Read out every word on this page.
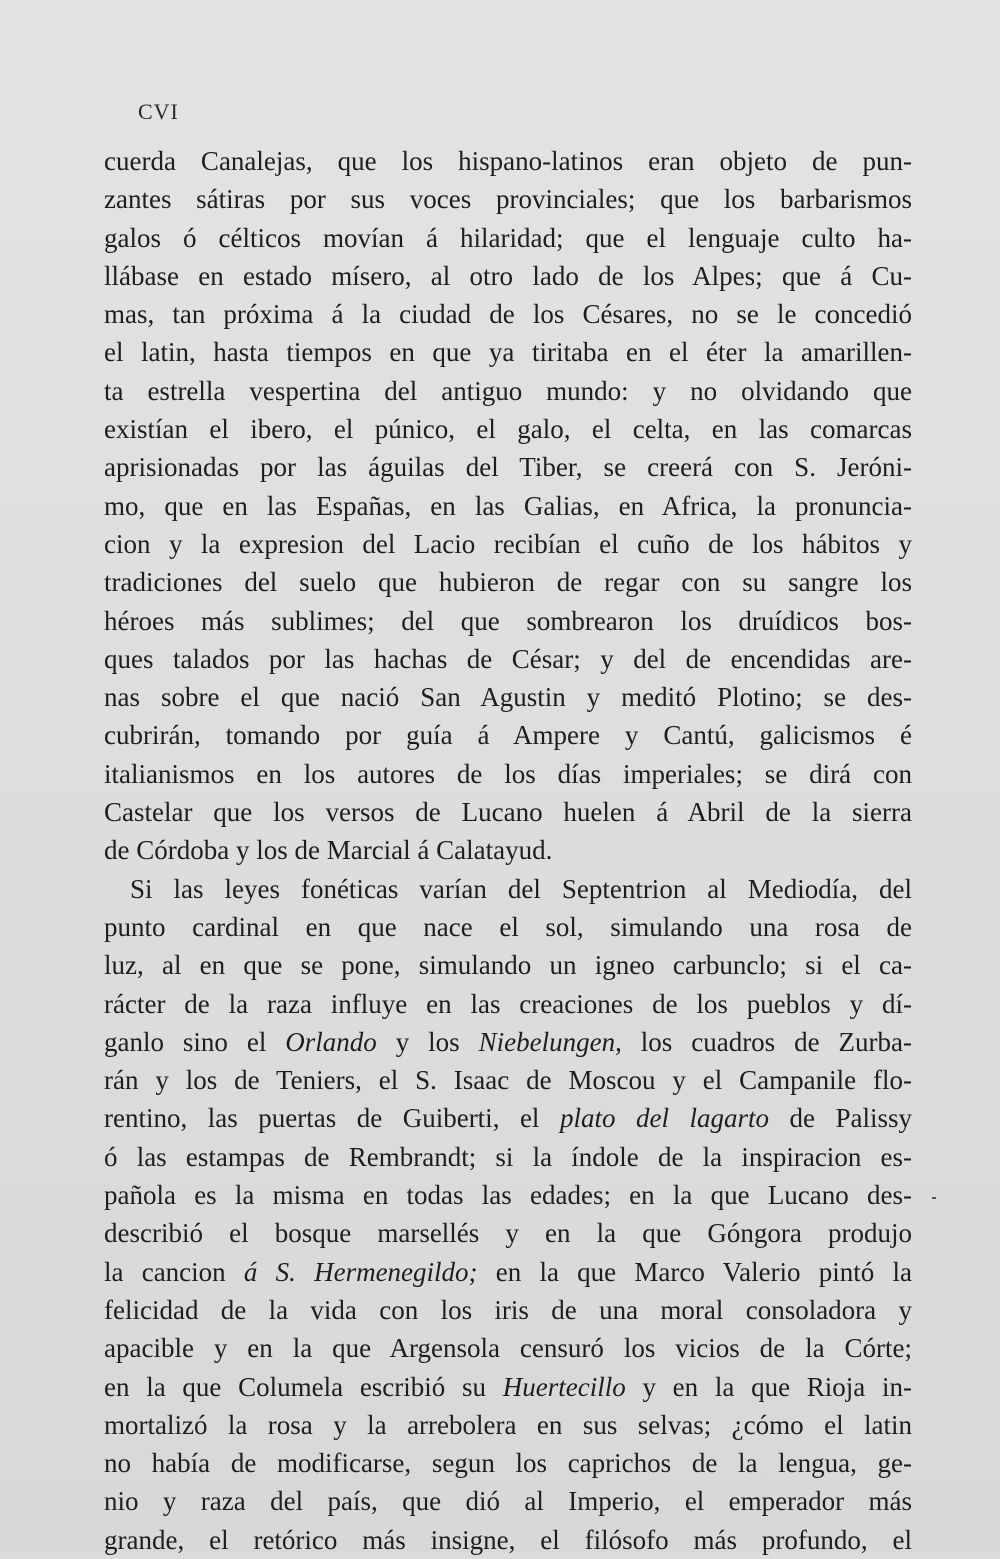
CVI
cuerda Canalejas, que los hispano-latinos eran objeto de pun-
zantes sátiras por sus voces provinciales; que los barbarismos
galos ó célticos movían á hilaridad; que el lenguaje culto ha-
llábase en estado mísero, al otro lado de los Alpes; que á Cu-
mas, tan próxima á la ciudad de los Césares, no se le concedió
el latin, hasta tiempos en que ya tiritaba en el éter la amarillen-
ta estrella vespertina del antiguo mundo: y no olvidando que
existían el ibero, el púnico, el galo, el celta, en las comarcas
aprisionadas por las águilas del Tiber, se creerá con S. Jeróni-
mo, que en las Españas, en las Galias, en Africa, la pronuncia-
cion y la expresion del Lacio recibían el cuño de los hábitos y
tradiciones del suelo que hubieron de regar con su sangre los
héroes más sublimes; del que sombrearon los druídicos bos-
ques talados por las hachas de César; y del de encendidas are-
nas sobre el que nació San Agustin y meditó Plotino; se des-
cubrirán, tomando por guía á Ampere y Cantú, galicismos é
italianismos en los autores de los días imperiales; se dirá con
Castelar que los versos de Lucano huelen á Abril de la sierra
de Córdoba y los de Marcial á Calatayud.
Si las leyes fonéticas varían del Septentrion al Mediodía, del
punto cardinal en que nace el sol, simulando una rosa de
luz, al en que se pone, simulando un igneo carbunclo; si el ca-
rácter de la raza influye en las creaciones de los pueblos y dí-
ganlo sino el Orlando y los Niebelungen, los cuadros de Zurba-
rán y los de Teniers, el S. Isaac de Moscou y el Campanile flo-
rentino, las puertas de Guiberti, el plato del lagarto de Palissy
ó las estampas de Rembrandt; si la índole de la inspiracion es-
pañola es la misma en todas las edades; en la que Lucano des-
describió el bosque marsellés y en la que Góngora produjo
la cancion á S. Hermenegildo; en la que Marco Valerio pintó la
felicidad de la vida con los iris de una moral consoladora y
apacible y en la que Argensola censuró los vicios de la Córte;
en la que Columela escribió su Huertecillo y en la que Rioja in-
mortalizó la rosa y la arrebolera en sus selvas; ¿cómo el latin
no había de modificarse, segun los caprichos de la lengua, ge-
nio y raza del país, que dió al Imperio, el emperador más
grande, el retórico más insigne, el filósofo más profundo, el
